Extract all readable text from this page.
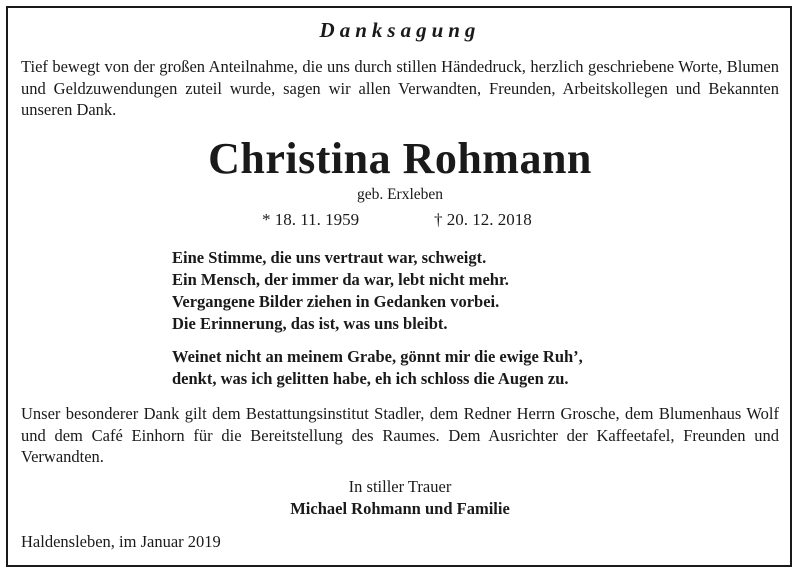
Danksagung
Tief bewegt von der großen Anteilnahme, die uns durch stillen Händedruck, herzlich geschriebene Worte, Blumen und Geldzuwendungen zuteil wurde, sagen wir allen Verwandten, Freunden, Arbeitskollegen und Bekannten unseren Dank.
Christina Rohmann
geb. Erxleben
* 18. 11. 1959	† 20. 12. 2018
Eine Stimme, die uns vertraut war, schweigt.
Ein Mensch, der immer da war, lebt nicht mehr.
Vergangene Bilder ziehen in Gedanken vorbei.
Die Erinnerung, das ist, was uns bleibt.
Weinet nicht an meinem Grabe, gönnt mir die ewige Ruh’,
denkt, was ich gelitten habe, eh ich schloss die Augen zu.
Unser besonderer Dank gilt dem Bestattungsinstitut Stadler, dem Redner Herrn Grosche, dem Blumenhaus Wolf und dem Café Einhorn für die Bereitstellung des Raumes. Dem Ausrichter der Kaffeetafel, Freunden und Verwandten.
In stiller Trauer
Michael Rohmann und Familie
Haldensleben, im Januar 2019
